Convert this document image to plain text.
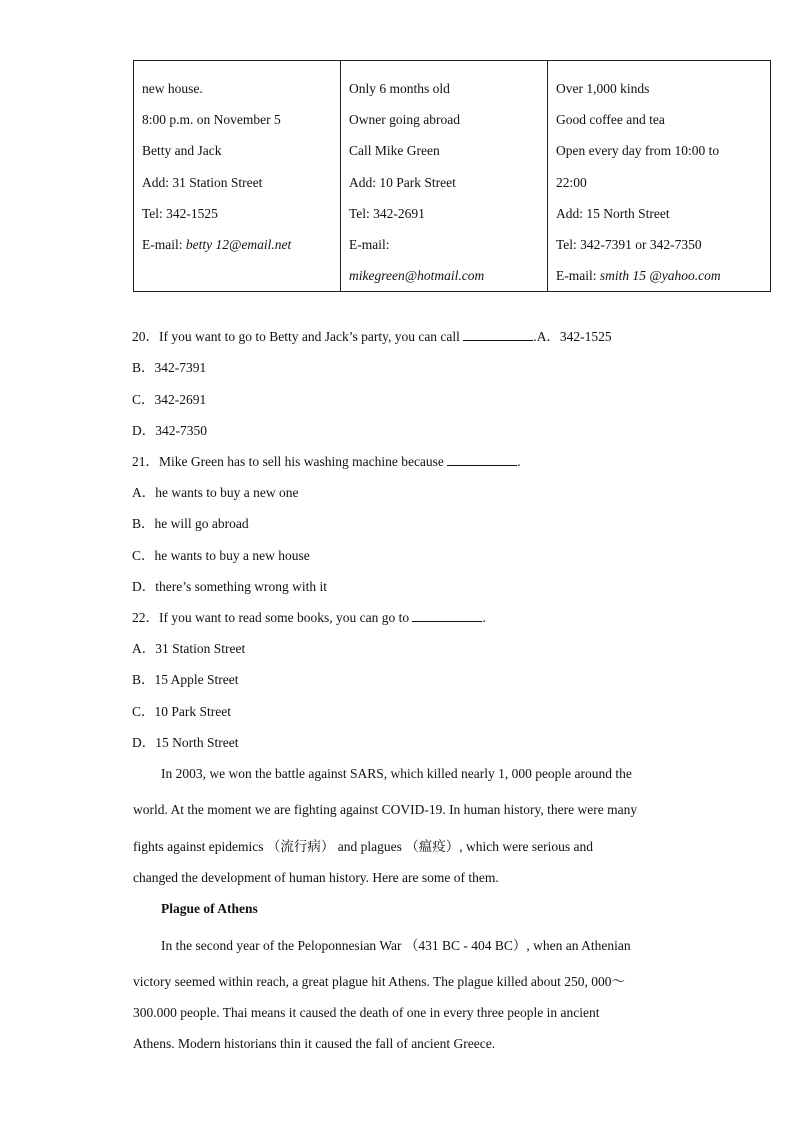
new house.
8:00 p.m. on November 5
Betty and Jack
Add: 31 Station Street
Tel: 342-1525
E-mail: betty 12@email.net

Only 6 months old
Owner going abroad
Call Mike Green
Add: 10 Park Street
Tel: 342-2691
E-mail:
mikegreen@hotmail.com

Over 1,000 kinds
Good coffee and tea
Open every day from 10:00 to
22:00
Add: 15 North Street
Tel: 342-7391 or 342-7350
E-mail: smith 15 @yahoo.com
20．If you want to go to Betty and Jack’s party, you can call	.A．342-1525
B．342-7391
C．342-2691
D．342-7350
21．Mike Green has to sell his washing machine because	.
A．he wants to buy a new one
B．he will go abroad
C．he wants to buy a new house
D．there’s something wrong with it
22．If you want to read some books, you can go to	.
A．31 Station Street
B．15 Apple Street
C．10 Park Street
D．15 North Street
In 2003, we won the battle against SARS, which killed nearly 1, 000 people around the
world. At the moment we are fighting against COVID-19. In human history, there were many
fights against epidemics （流行病） and plagues （瘟疫）, which were serious and
changed the development of human history. Here are some of them.
Plague of Athens
In the second year of the Peloponnesian War （431 BC - 404 BC）, when an Athenian
victory seemed within reach, a great plague hit Athens. The plague killed about 250, 000～
300.000 people. Thai means it caused the death of one in every three people in ancient
Athens. Modern historians thin it caused the fall of ancient Greece.
